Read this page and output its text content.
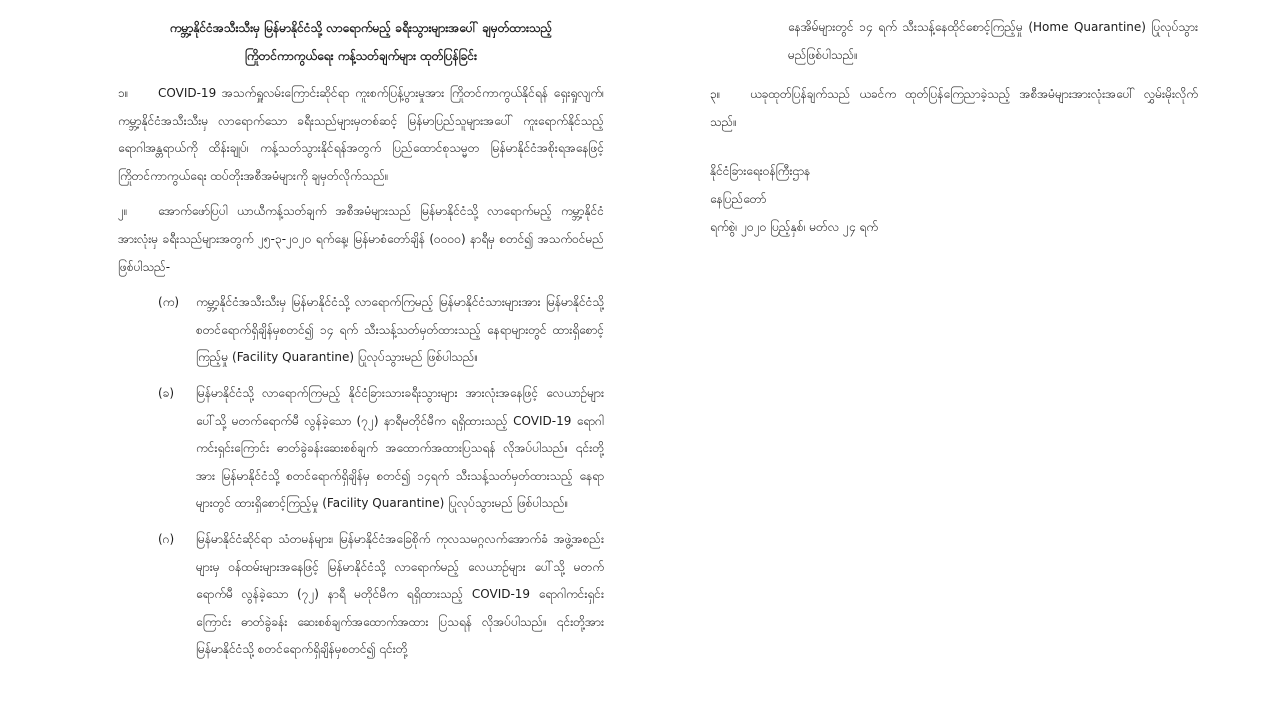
ကမ္ဘာ့နိုင်ငံအသီးသီးမှ မြန်မာနိုင်ငံသို့ လာရောက်မည့် ခရီးသွားများအပေါ် ချမှတ်ထားသည့်
ကြိုတင်ကာကွယ်ရေး ကန့်သတ်ချက်များ ထုတ်ပြန်ခြင်း

၁။ COVID-19 အသက်ရှူလမ်းကြောင်းဆိုင်ရာ ကူးစက်ပြန့်ပွားမှုအား ကြိုတင်ကာကွယ်နိုင်ရန် ရှေးရှုလျက်၊ ကမ္ဘာ့နိုင်ငံအသီးသီးမှ လာရောက်သော ခရီးသည်များမှတစ်ဆင့် မြန်မာပြည်သူများအပေါ် ကူးရောက်နိုင်သည့် ရောဂါအန္တရာယ်ကို ထိန်းချုပ်၊ ကန့်သတ်သွားနိုင်ရန်အတွက် ပြည်ထောင်စုသမ္မတ မြန်မာနိုင်ငံအစိုးရအနေဖြင့် ကြိုတင်ကာကွယ်ရေး ထပ်တိုးအစီအမံများကို ချမှတ်လိုက်သည်။

၂။	အောက်ဖော်ပြပါ ယာယီကန့်သတ်ချက် အစီအမံများသည် မြန်မာနိုင်ငံသို့ လာရောက်မည့် ကမ္ဘာ့နိုင်ငံအားလုံးမှ ခရီးသည်များအတွက် ၂၅-၃-၂၀၂၀ ရက်နေ့၊ မြန်မာစံတော်ချိန် (၀၀၀၀) နာရီမှ စတင်၍ အသက်ဝင်မည်ဖြစ်ပါသည်-

(က) ကမ္ဘာ့နိုင်ငံအသီးသီးမှ မြန်မာနိုင်ငံသို့ လာရောက်ကြမည့် မြန်မာနိုင်ငံသားများအား မြန်မာနိုင်ငံသို့ စတင်ရောက်ရှိချိန်မှစတင်၍ ၁၄ ရက် သီးသန့်သတ်မှတ်ထားသည့် နေရာများတွင် ထားရှိစောင့်ကြည့်မှု (Facility Quarantine) ပြုလုပ်သွားမည် ဖြစ်ပါသည်။

(ခ) မြန်မာနိုင်ငံသို့ လာရောက်ကြမည့် နိုင်ငံခြားသားခရီးသွားများ အားလုံးအနေဖြင့် လေယာဉ်များပေါ်သို့ မတက်ရောက်မီ လွန်ခဲ့သော (၇၂) နာရီမတိုင်မီက ရရှိထားသည့် COVID-19 ရောဂါကင်းရှင်းကြောင်း ဓာတ်ခွဲခန်းဆေးစစ်ချက် အထောက်အထားပြသရန် လိုအပ်ပါသည်။ ၎င်းတို့အား မြန်မာနိုင်ငံသို့ စတင်ရောက်ရှိချိန်မှ စတင်၍ ၁၄ရက် သီးသန့်သတ်မှတ်ထားသည့် နေရာများတွင် ထားရှိစောင့်ကြည့်မှု (Facility Quarantine) ပြုလုပ်သွားမည် ဖြစ်ပါသည်။

(ဂ) မြန်မာနိုင်ငံဆိုင်ရာ သံတမန်များ၊ မြန်မာနိုင်ငံအခြေစိုက် ကုလသမဂ္ဂလက်အောက်ခံ အဖွဲ့အစည်းများမှ ဝန်ထမ်းများအနေဖြင့် မြန်မာနိုင်ငံသို့ လာရောက်မည့် လေယာဉ်များ ပေါ်သို့ မတက်ရောက်မီ လွန်ခဲ့သော (၇၂) နာရီ မတိုင်မီက ရရှိထားသည့် COVID-19 ရောဂါကင်းရှင်းကြောင်း ဓာတ်ခွဲခန်း ဆေးစစ်ချက်အထောက်အထား ပြသရန် လိုအပ်ပါသည်။ ၎င်းတို့အား မြန်မာနိုင်ငံသို့ စတင်ရောက်ရှိချိန်မှစတင်၍ ၎င်းတို့

နေအိမ်များတွင် ၁၄ ရက် သီးသန့်နေထိုင်စောင့်ကြည့်မှု (Home Quarantine) ပြုလုပ်သွားမည်ဖြစ်ပါသည်။

၃။ ယခုထုတ်ပြန်ချက်သည် ယခင်က ထုတ်ပြန်ကြေညာခဲ့သည့် အစီအမံများအားလုံးအပေါ် လွှမ်းမိုးလိုက်သည်။

နိုင်ငံခြားရေးဝန်ကြီးဌာန
နေပြည်တော်
ရက်စွဲ၊ ၂၀၂၀ ပြည့်နှစ်၊ မတ်လ ၂၄ ရက်
